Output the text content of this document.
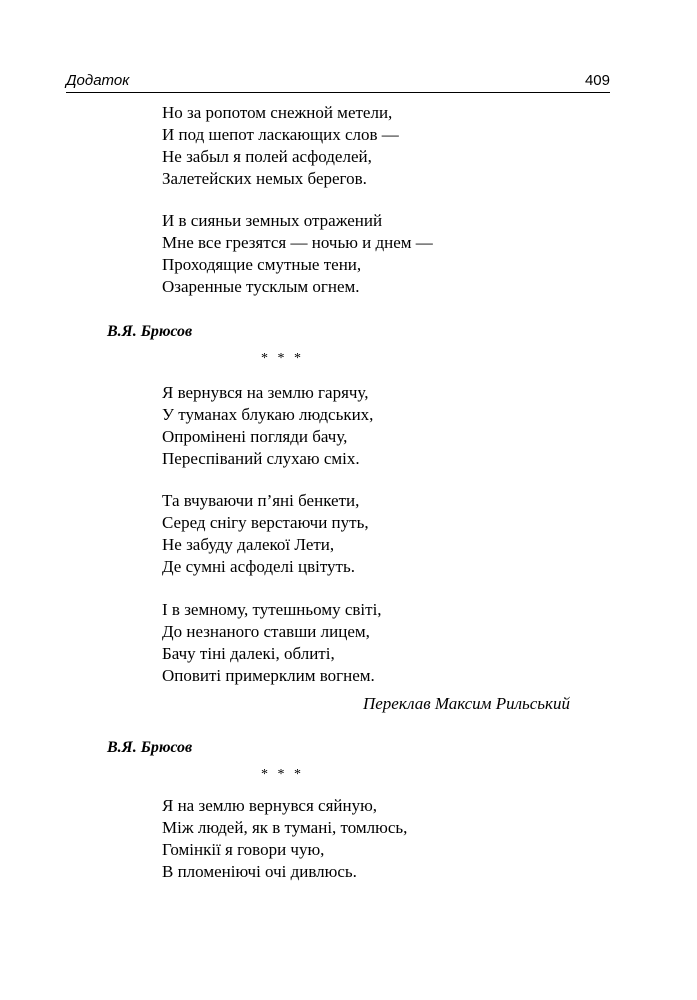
Додаток	409
Но за ропотом снежной метели,
И под шепот ласкающих слов —
Не забыл я полей асфоделей,
Залетейских немых берегов.
И в сияньи земных отражений
Мне все грезятся — ночью и днем —
Проходящие смутные тени,
Озаренные тусклым огнем.
В.Я. Брюсов
* * *
Я вернувся на землю гарячу,
У туманах блукаю людських,
Опромінені погляди бачу,
Переспіваний слухаю сміх.
Та вчуваючи п’яні бенкети,
Серед снігу верстаючи путь,
Не забуду далекої Лети,
Де сумні асфоделі цвітуть.
І в земному, тутешньому світі,
До незнаного ставши лицем,
Бачу тіні далекі, облиті,
Оповиті примерклим вогнем.
Переклав Максим Рильський
В.Я. Брюсов
* * *
Я на землю вернувся сяйную,
Між людей, як в тумані, томлюсь,
Гомінкії я говори чую,
В пломеніючі очі дивлюсь.
